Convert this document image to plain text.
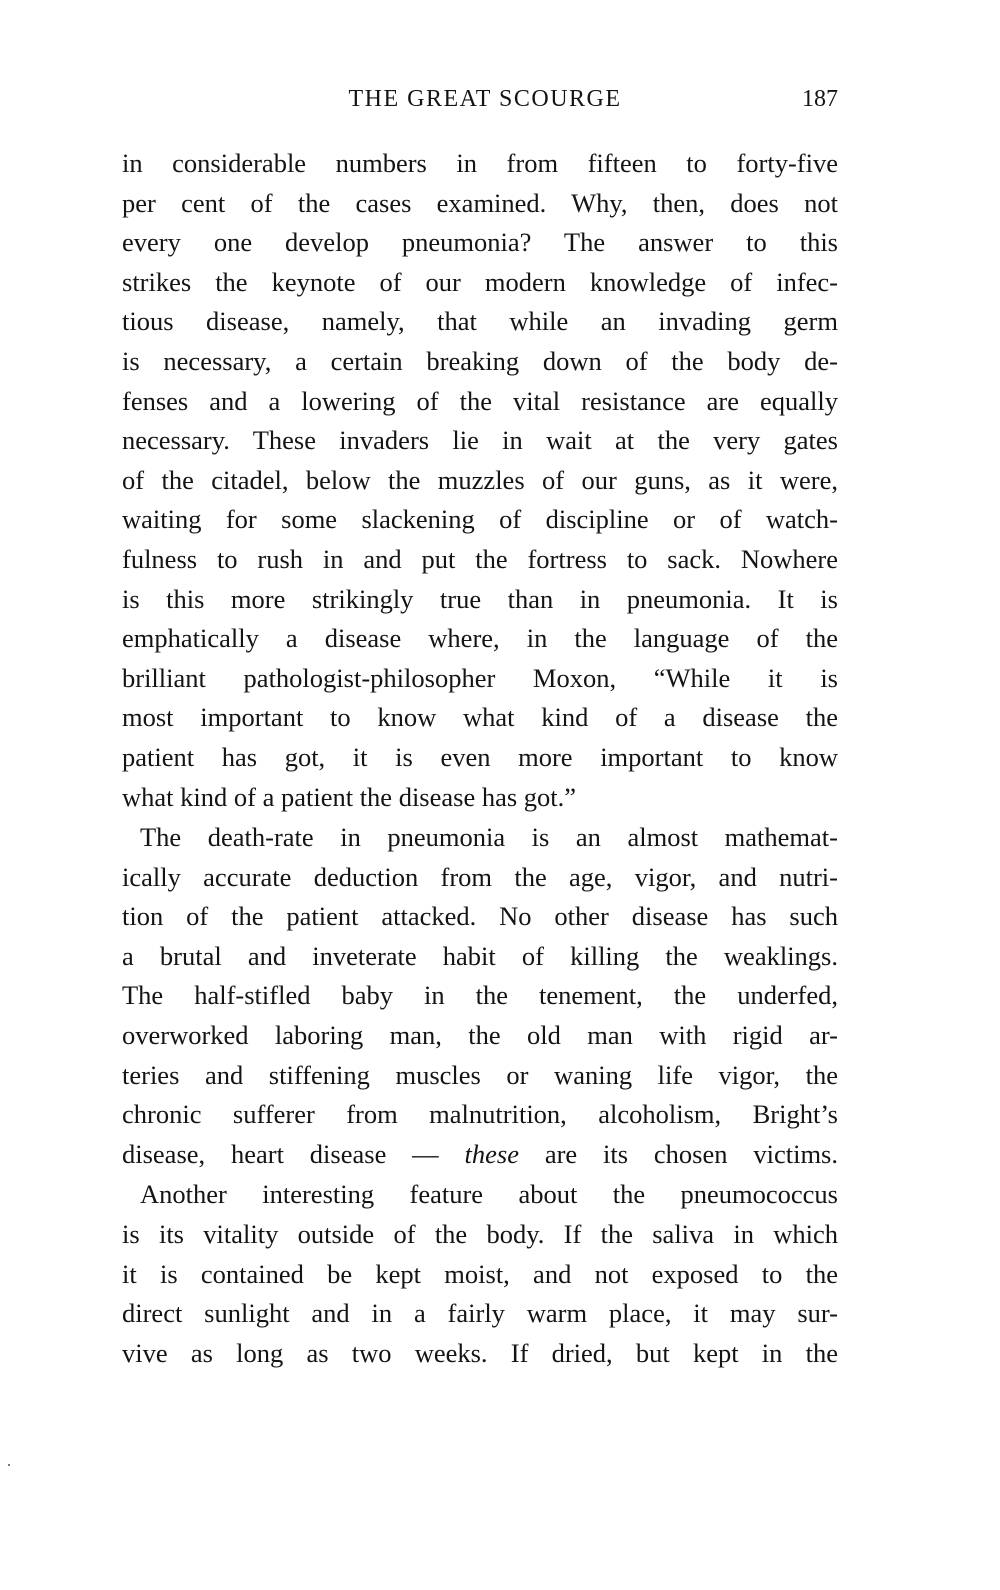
THE GREAT SCOURGE	187
in considerable numbers in from fifteen to forty-five
per cent of the cases examined. Why, then, does not
every one develop pneumonia? The answer to this
strikes the keynote of our modern knowledge of infec-
tious disease, namely, that while an invading germ
is necessary, a certain breaking down of the body de-
fenses and a lowering of the vital resistance are equally
necessary. These invaders lie in wait at the very gates
of the citadel, below the muzzles of our guns, as it were,
waiting for some slackening of discipline or of watch-
fulness to rush in and put the fortress to sack. Nowhere
is this more strikingly true than in pneumonia. It is
emphatically a disease where, in the language of the
brilliant pathologist-philosopher Moxon, “While it is
most important to know what kind of a disease the
patient has got, it is even more important to know
what kind of a patient the disease has got.”
The death-rate in pneumonia is an almost mathemat-
ically accurate deduction from the age, vigor, and nutri-
tion of the patient attacked. No other disease has such
a brutal and inveterate habit of killing the weaklings.
The half-stifled baby in the tenement, the underfed,
overworked laboring man, the old man with rigid ar-
teries and stiffening muscles or waning life vigor, the
chronic sufferer from malnutrition, alcoholism, Bright’s
disease, heart disease — these are its chosen victims.
Another interesting feature about the pneumococcus
is its vitality outside of the body. If the saliva in which
it is contained be kept moist, and not exposed to the
direct sunlight and in a fairly warm place, it may sur-
vive as long as two weeks. If dried, but kept in the
